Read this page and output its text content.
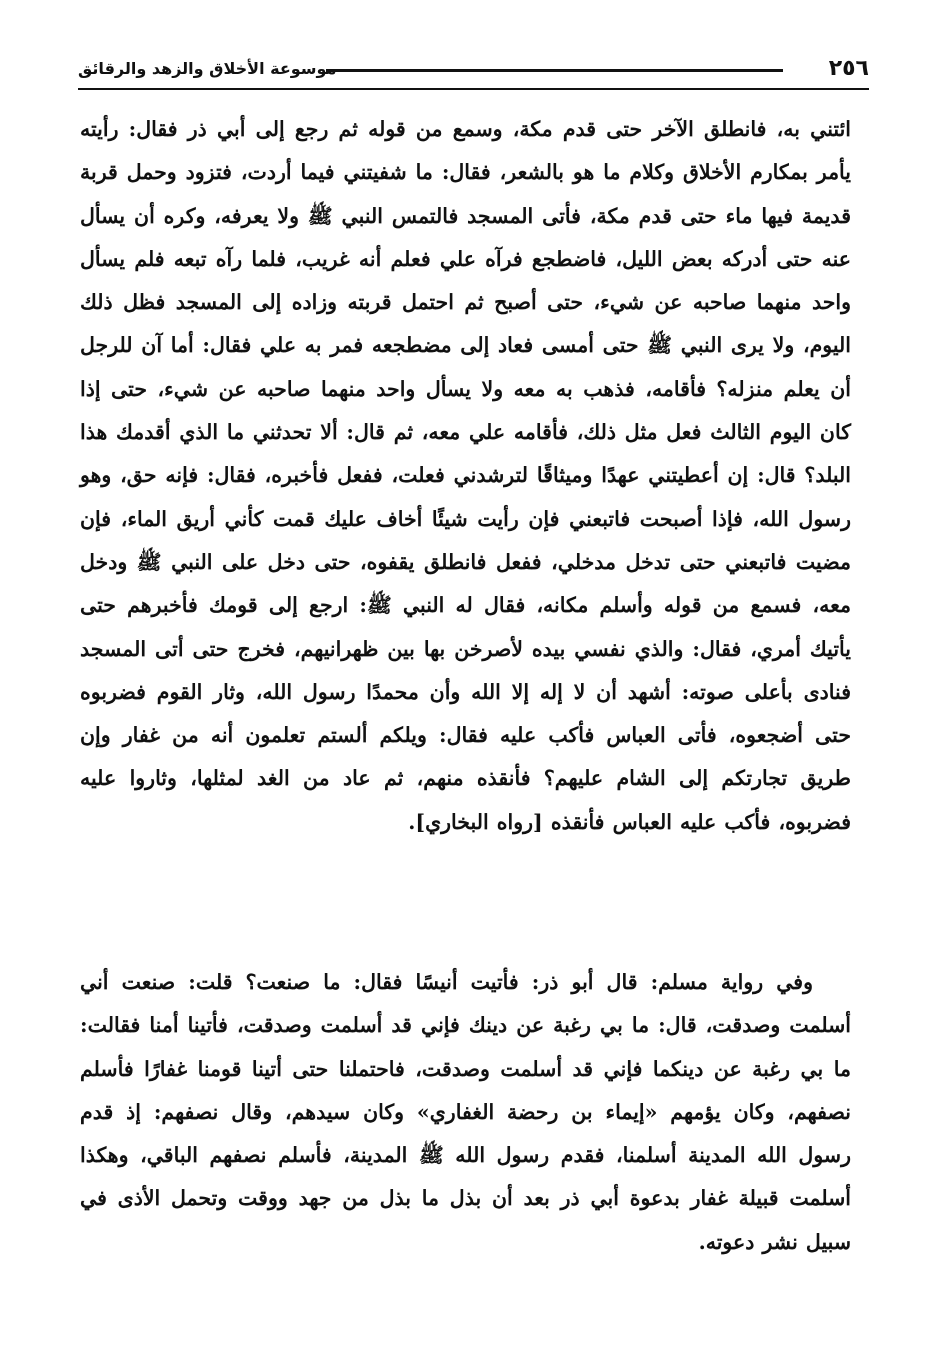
٢٥٦
موسوعة الأخلاق والزهد والرقائق

ائتني به، فانطلق الآخر حتى قدم مكة، وسمع من قوله ثم رجع إلى أبي ذر فقال: رأيته يأمر بمكارم الأخلاق وكلام ما هو بالشعر، فقال: ما شفيتني فيما أردت، فتزود وحمل قربة قديمة فيها ماء حتى قدم مكة، فأتى المسجد فالتمس النبي ﷺ ولا يعرفه، وكره أن يسأل عنه حتى أدركه بعض الليل، فاضطجع فرآه علي فعلم أنه غريب، فلما رآه تبعه فلم يسأل واحد منهما صاحبه عن شيء، حتى أصبح ثم احتمل قربته وزاده إلى المسجد فظل ذلك اليوم، ولا يرى النبي ﷺ حتى أمسى فعاد إلى مضطجعه فمر به علي فقال: أما آن للرجل أن يعلم منزله؟ فأقامه، فذهب به معه ولا يسأل واحد منهما صاحبه عن شيء، حتى إذا كان اليوم الثالث فعل مثل ذلك، فأقامه علي معه، ثم قال: ألا تحدثني ما الذي أقدمك هذا البلد؟ قال: إن أعطيتني عهدًا وميثاقًا لترشدني فعلت، ففعل فأخبره، فقال: فإنه حق، وهو رسول الله، فإذا أصبحت فاتبعني فإن رأيت شيئًا أخاف عليك قمت كأني أريق الماء، فإن مضيت فاتبعني حتى تدخل مدخلي، ففعل فانطلق يقفوه، حتى دخل على النبي ﷺ ودخل معه، فسمع من قوله وأسلم مكانه، فقال له النبي ﷺ: ارجع إلى قومك فأخبرهم حتى يأتيك أمري، فقال: والذي نفسي بيده لأصرخن بها بين ظهرانيهم، فخرج حتى أتى المسجد فنادى بأعلى صوته: أشهد أن لا إله إلا الله وأن محمدًا رسول الله، وثار القوم فضربوه حتى أضجعوه، فأتى العباس فأكب عليه فقال: ويلكم ألستم تعلمون أنه من غفار وإن طريق تجارتكم إلى الشام عليهم؟ فأنقذه منهم، ثم عاد من الغد لمثلها، وثاروا عليه فضربوه، فأكب عليه العباس فأنقذه [رواه البخاري].

وفي رواية مسلم: قال أبو ذر: فأتيت أنيسًا فقال: ما صنعت؟ قلت: صنعت أني أسلمت وصدقت، قال: ما بي رغبة عن دينك فإني قد أسلمت وصدقت، فأتينا أمنا فقالت: ما بي رغبة عن دينكما فإني قد أسلمت وصدقت، فاحتملنا حتى أتينا قومنا غفارًا فأسلم نصفهم، وكان يؤمهم «إيماء بن رحضة الغفاري» وكان سيدهم، وقال نصفهم: إذ قدم رسول الله المدينة أسلمنا، فقدم رسول الله ﷺ المدينة، فأسلم نصفهم الباقي، وهكذا أسلمت قبيلة غفار بدعوة أبي ذر بعد أن بذل ما بذل من جهد ووقت وتحمل الأذى في سبيل نشر دعوته.
